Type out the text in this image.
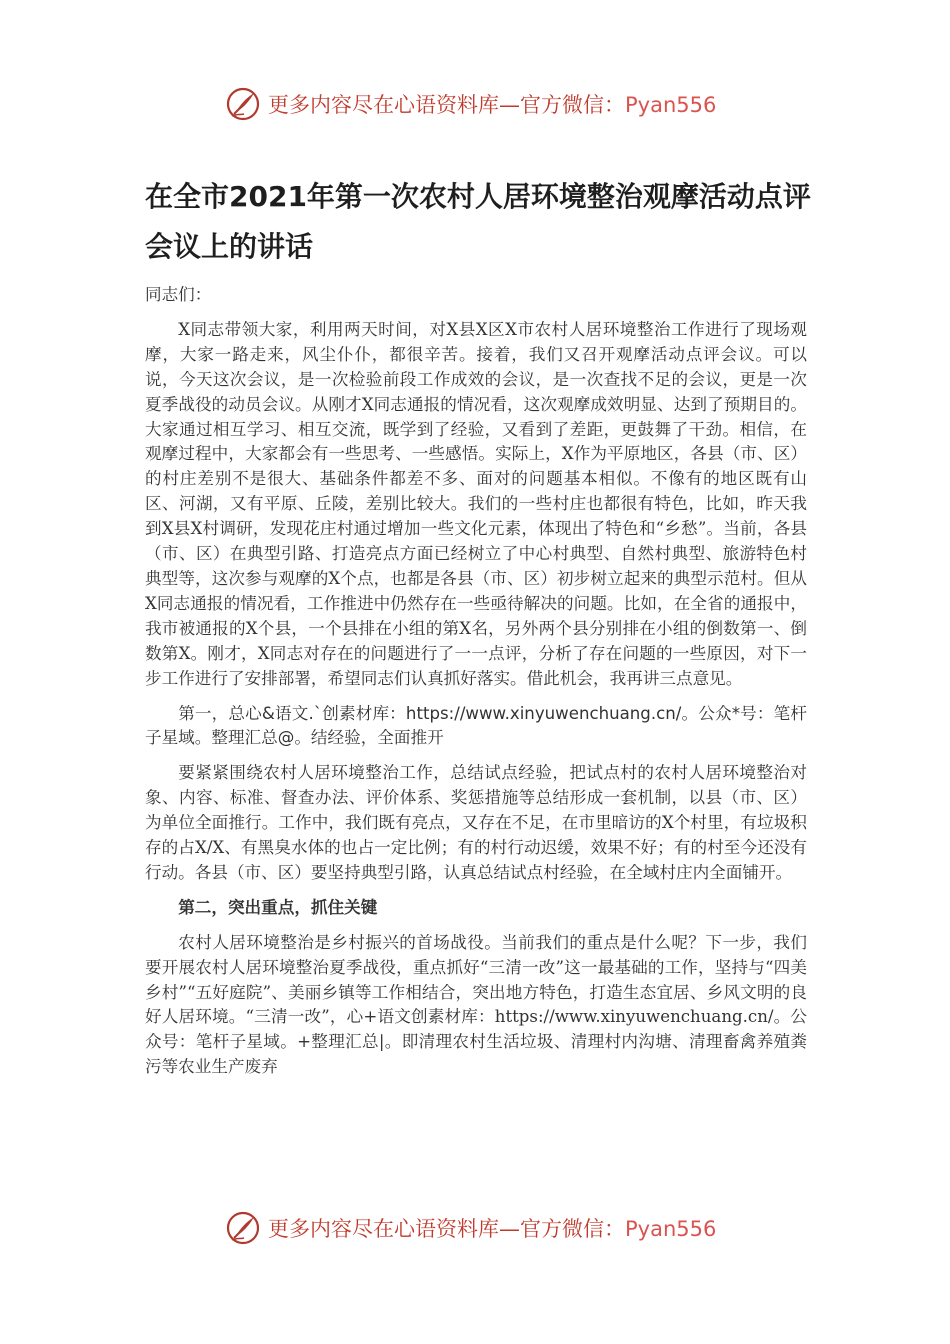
更多内容尽在心语资料库—官方微信：Pyan556
在全市2021年第一次农村人居环境整治观摩活动点评会议上的讲话

同志们：

X同志带领大家，利用两天时间，对X县X区X市农村人居环境整治工作进行了现场观摩，大家一路走来，风尘仆仆，都很辛苦。接着，我们又召开观摩活动点评会议。可以说，今天这次会议，是一次检验前段工作成效的会议，是一次查找不足的会议，更是一次夏季战役的动员会议。从刚才X同志通报的情况看，这次观摩成效明显、达到了预期目的。大家通过相互学习、相互交流，既学到了经验，又看到了差距，更鼓舞了干劲。相信，在观摩过程中，大家都会有一些思考、一些感悟。实际上，X作为平原地区，各县（市、区）的村庄差别不是很大、基础条件都差不多、面对的问题基本相似。不像有的地区既有山区、河湖，又有平原、丘陵，差别比较大。我们的一些村庄也都很有特色，比如，昨天我到X县X村调研，发现花庄村通过增加一些文化元素，体现出了特色和“乡愁”。当前，各县（市、区）在典型引路、打造亮点方面已经树立了中心村典型、自然村典型、旅游特色村典型等，这次参与观摩的X个点，也都是各县（市、区）初步树立起来的典型示范村。但从X同志通报的情况看，工作推进中仍然存在一些亟待解决的问题。比如，在全省的通报中，我市被通报的X个县，一个县排在小组的第X名，另外两个县分别排在小组的倒数第一、倒数第X。刚才，X同志对存在的问题进行了一一点评，分析了存在问题的一些原因，对下一步工作进行了安排部署，希望同志们认真抓好落实。借此机会，我再讲三点意见。

第一，总心&语文.`创素材库：https://www.xinyuwenchuang.cn/。公众*号：笔杆子星域。整理汇总@。结经验，全面推开

要紧紧围绕农村人居环境整治工作，总结试点经验，把试点村的农村人居环境整治对象、内容、标准、督查办法、评价体系、奖惩措施等总结形成一套机制，以县（市、区）为单位全面推行。工作中，我们既有亮点，又存在不足，在市里暗访的X个村里，有垃圾积存的占X/X、有黑臭水体的也占一定比例；有的村行动迟缓，效果不好；有的村至今还没有行动。各县（市、区）要坚持典型引路，认真总结试点村经验，在全域村庄内全面铺开。

第二，突出重点，抓住关键

农村人居环境整治是乡村振兴的首场战役。当前我们的重点是什么呢？下一步，我们要开展农村人居环境整治夏季战役，重点抓好“三清一改”这一最基础的工作，坚持与“四美乡村”“五好庭院”、美丽乡镇等工作相结合，突出地方特色，打造生态宜居、乡风文明的良好人居环境。“三清一改”，心+语文创素材库：https://www.xinyuwenchuang.cn/。公众号：笔杆子星域。+整理汇总|。即清理农村生活垃圾、清理村内沟塘、清理畜禽养殖粪污等农业生产废弃

更多内容尽在心语资料库—官方微信：Pyan556
